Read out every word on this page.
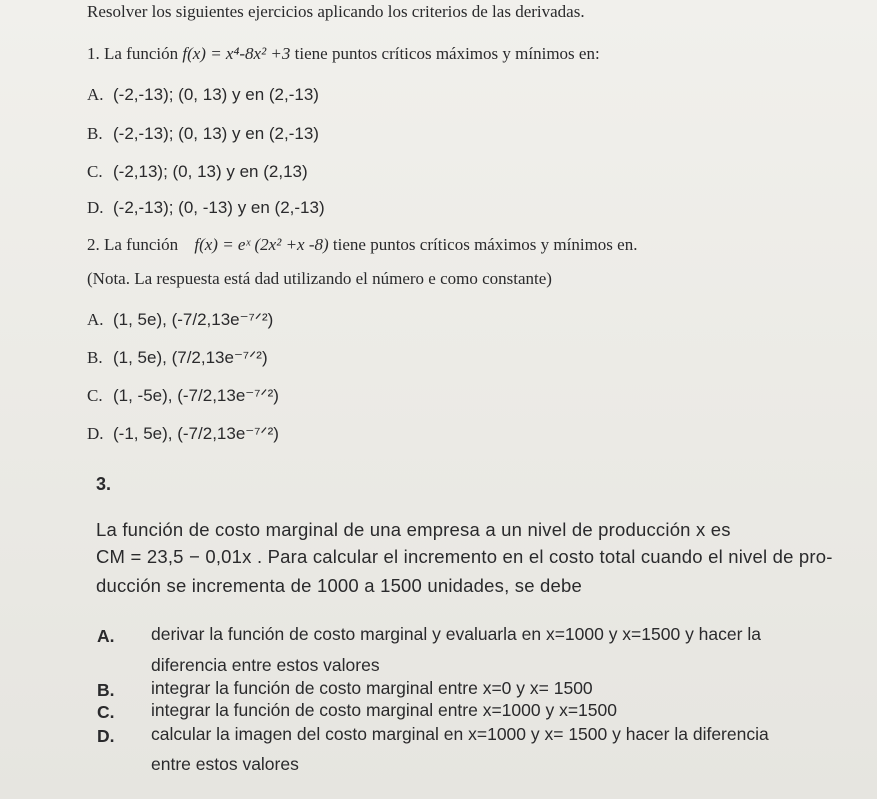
Resolver los siguientes ejercicios aplicando los criterios de las derivadas.
1. La función f(x) = x⁴-8x² +3 tiene puntos críticos máximos y mínimos en:
A. (-2,-13); (0, 13) y en (2,-13)
B. (-2,-13); (0, 13) y en (2,-13)
C. (-2,13); (0, 13) y en (2,13)
D. (-2,-13); (0, -13) y en (2,-13)
2. La función f(x) = eˣ (2x² +x -8) tiene puntos críticos máximos y mínimos en.
(Nota. La respuesta está dad utilizando el número e como constante)
A. (1, 5e), (-7/2,13e⁻⁷ᐟ²)
B. (1, 5e), (7/2,13e⁻⁷ᐟ²)
C. (1, -5e), (-7/2,13e⁻⁷ᐟ²)
D. (-1, 5e), (-7/2,13e⁻⁷ᐟ²)
3.
La función de costo marginal de una empresa a un nivel de producción x es
CM = 23,5 − 0,01x . Para calcular el incremento en el costo total cuando el nivel de pro-
ducción se incrementa de 1000 a 1500 unidades, se debe
A. derivar la función de costo marginal y evaluarla en x=1000 y x=1500 y hacer la
diferencia entre estos valores
B. integrar la función de costo marginal entre x=0 y x= 1500
C. integrar la función de costo marginal entre x=1000 y x=1500
D. calcular la imagen del costo marginal en x=1000 y x= 1500 y hacer la diferencia
entre estos valores
